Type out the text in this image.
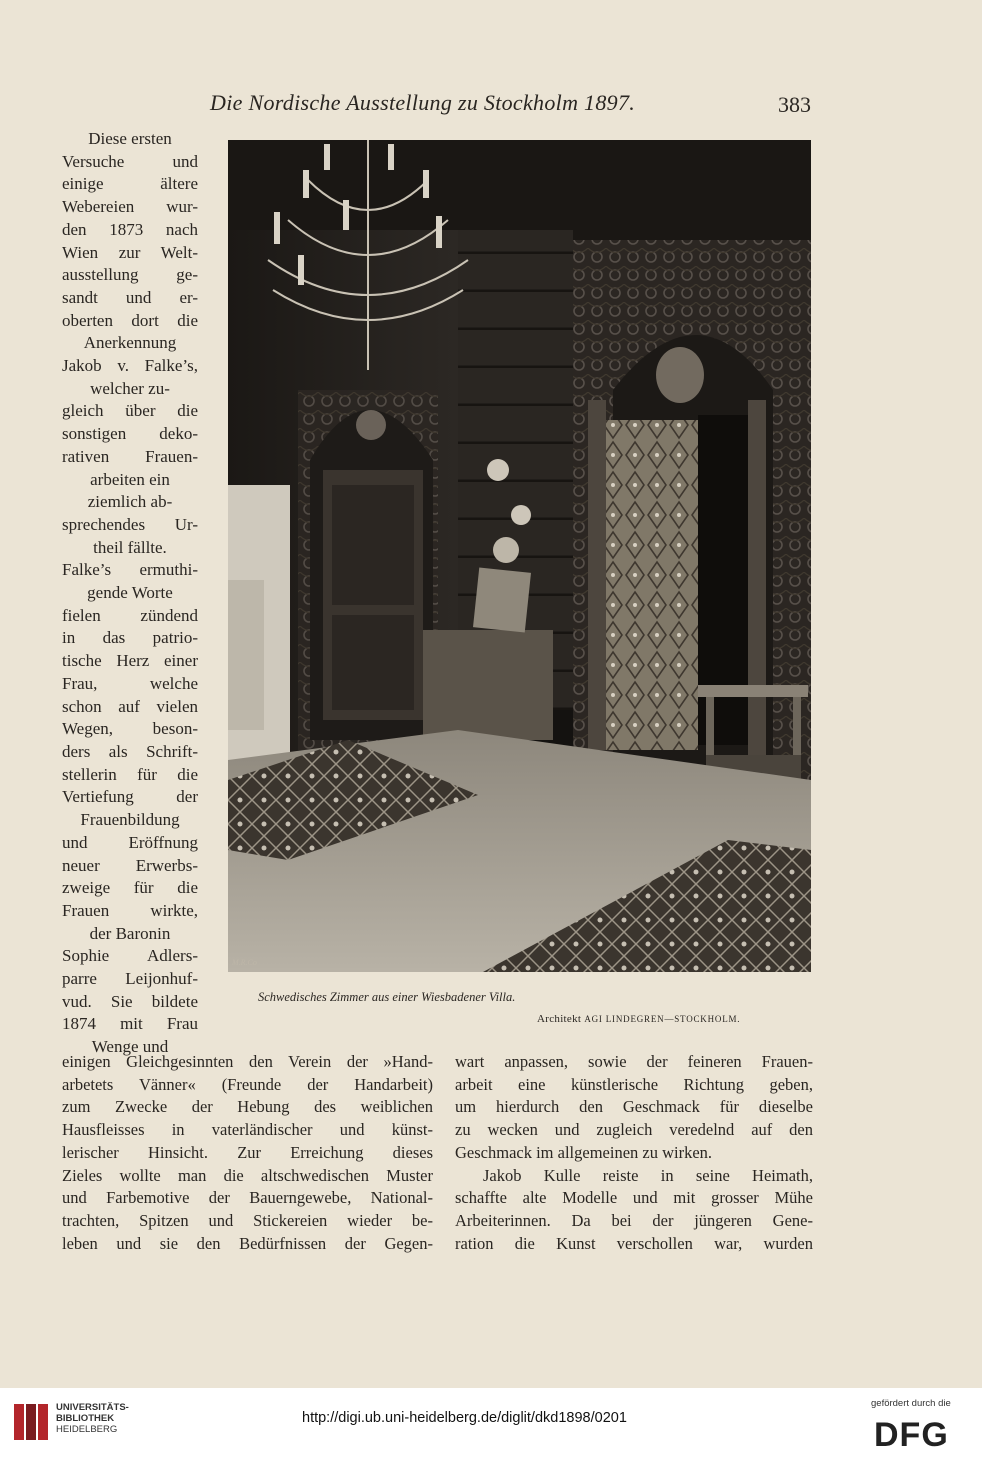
Die Nordische Ausstellung zu Stockholm 1897.	383
Diese ersten
Versuche und
einige ältere
Webereien wur-
den 1873 nach
Wien zur Welt-
ausstellung ge-
sandt und er-
oberten dort die
Anerkennung
Jakob v. Falke’s,
welcher zu-
gleich über die
sonstigen deko-
rativen Frauen-
arbeiten ein
ziemlich ab-
sprechendes Ur-
theil fällte.
Falke’s ermuthi-
gende Worte
fielen zündend
in das patrio-
tische Herz einer
Frau, welche
schon auf vielen
Wegen, beson-
ders als Schrift-
stellerin für die
Vertiefung der
Frauenbildung
und Eröffnung
neuer Erwerbs-
zweige für die
Frauen wirkte,
der Baronin
Sophie Adlers-
parre Leijonhuf-
vud. Sie bildete
1874 mit Frau
Wenge und
Schwedisches Zimmer aus einer Wiesbadener Villa.
Architekt AGI LINDEGREN—STOCKHOLM.
M.R.Co
einigen Gleichgesinnten den Verein der »Hand-
arbetets Vänner« (Freunde der Handarbeit)
zum Zwecke der Hebung des weiblichen
Hausfleisses in vaterländischer und künst-
lerischer Hinsicht. Zur Erreichung dieses
Zieles wollte man die altschwedischen Muster
und Farbemotive der Bauerngewebe, National-
trachten, Spitzen und Stickereien wieder be-
leben und sie den Bedürfnissen der Gegen-
wart anpassen, sowie der feineren Frauen-
arbeit eine künstlerische Richtung geben,
um hierdurch den Geschmack für dieselbe
zu wecken und zugleich veredelnd auf den
Geschmack im allgemeinen zu wirken.
Jakob Kulle reiste in seine Heimath,
schaffte alte Modelle und mit grosser Mühe
Arbeiterinnen. Da bei der jüngeren Gene-
ration die Kunst verschollen war, wurden
UNIVERSITÄTS-
BIBLIOTHEK
HEIDELBERG
http://digi.ub.uni-heidelberg.de/diglit/dkd1898/0201
gefördert durch die
DFG
